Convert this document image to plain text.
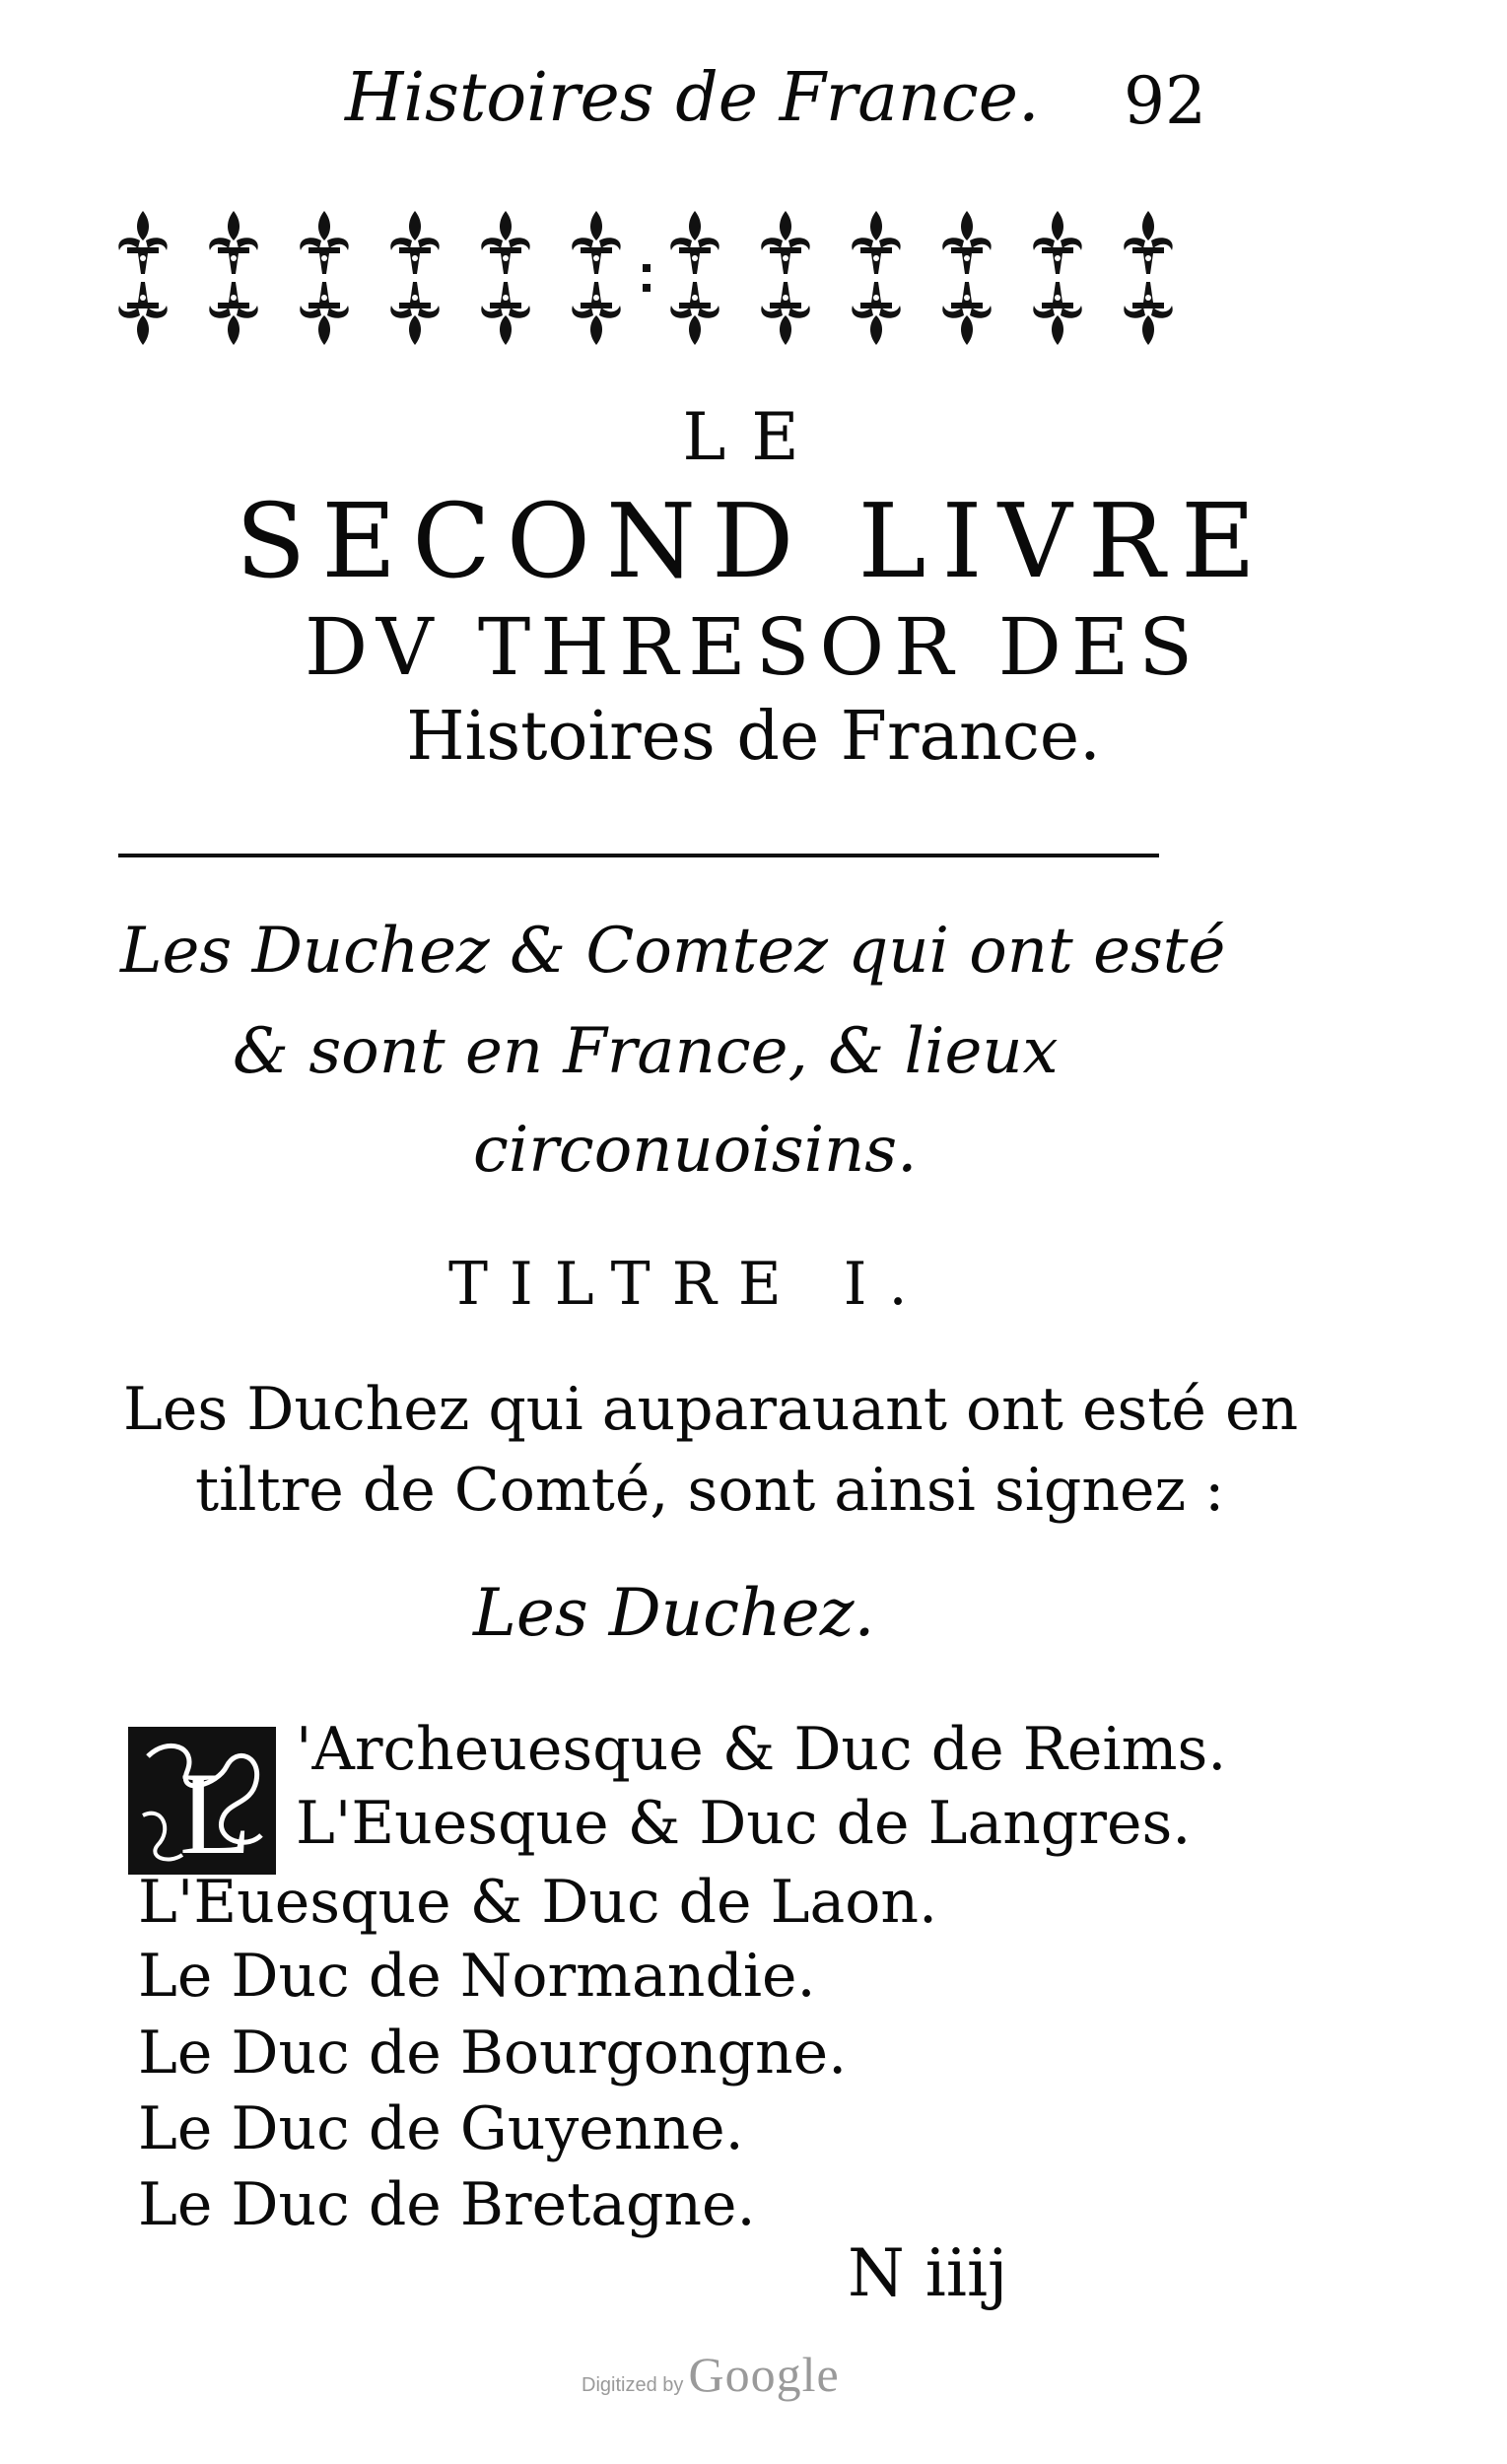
Histoires de France. 92
LE
SECOND LIVRE
DV THRESOR DES
Histoires de France.
Les Duchez & Comtez qui ont esté
& sont en France, & lieux
circonuoisins.
TILTRE I.
Les Duchez qui auparauant ont esté en
tiltre de Comté, sont ainsi signez :
Les Duchez.
L 'Archeuesque & Duc de Reims.
L'Euesque & Duc de Langres.
L'Euesque & Duc de Laon.
Le Duc de Normandie.
Le Duc de Bourgongne.
Le Duc de Guyenne.
Le Duc de Bretagne.
N iiij
Digitized by Google
